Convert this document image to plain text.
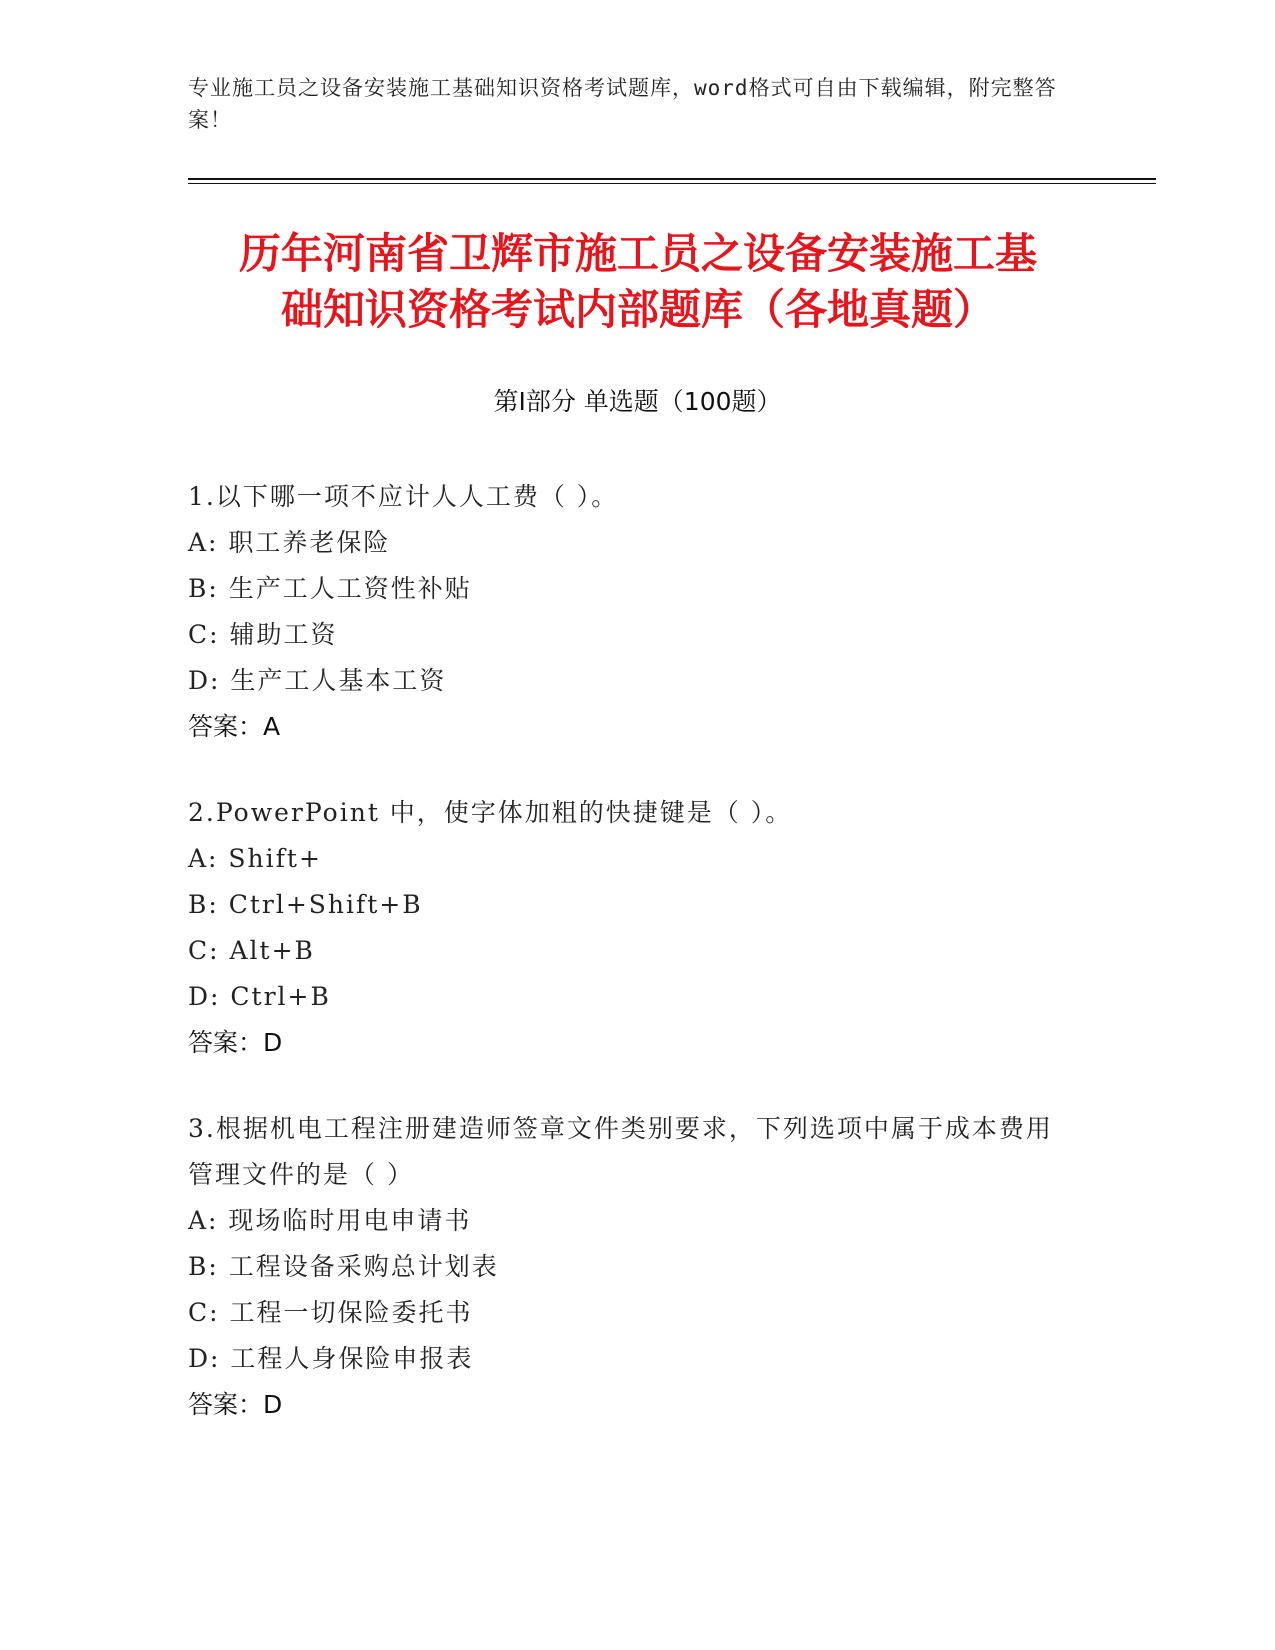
专业施工员之设备安装施工基础知识资格考试题库，word格式可自由下载编辑，附完整答案！
历年河南省卫辉市施工员之设备安装施工基
础知识资格考试内部题库（各地真题）
第I部分 单选题（100题）
1.以下哪一项不应计人人工费（ ）。
A: 职工养老保险
B: 生产工人工资性补贴
C: 辅助工资
D: 生产工人基本工资
答案：A
2.PowerPoint 中，使字体加粗的快捷键是（ ）。
A: Shift+
B: Ctrl+Shift+B
C: Alt+B
D: Ctrl+B
答案：D
3.根据机电工程注册建造师签章文件类别要求，下列选项中属于成本费用管理文件的是（ ）
A: 现场临时用电申请书
B: 工程设备采购总计划表
C: 工程一切保险委托书
D: 工程人身保险申报表
答案：D
